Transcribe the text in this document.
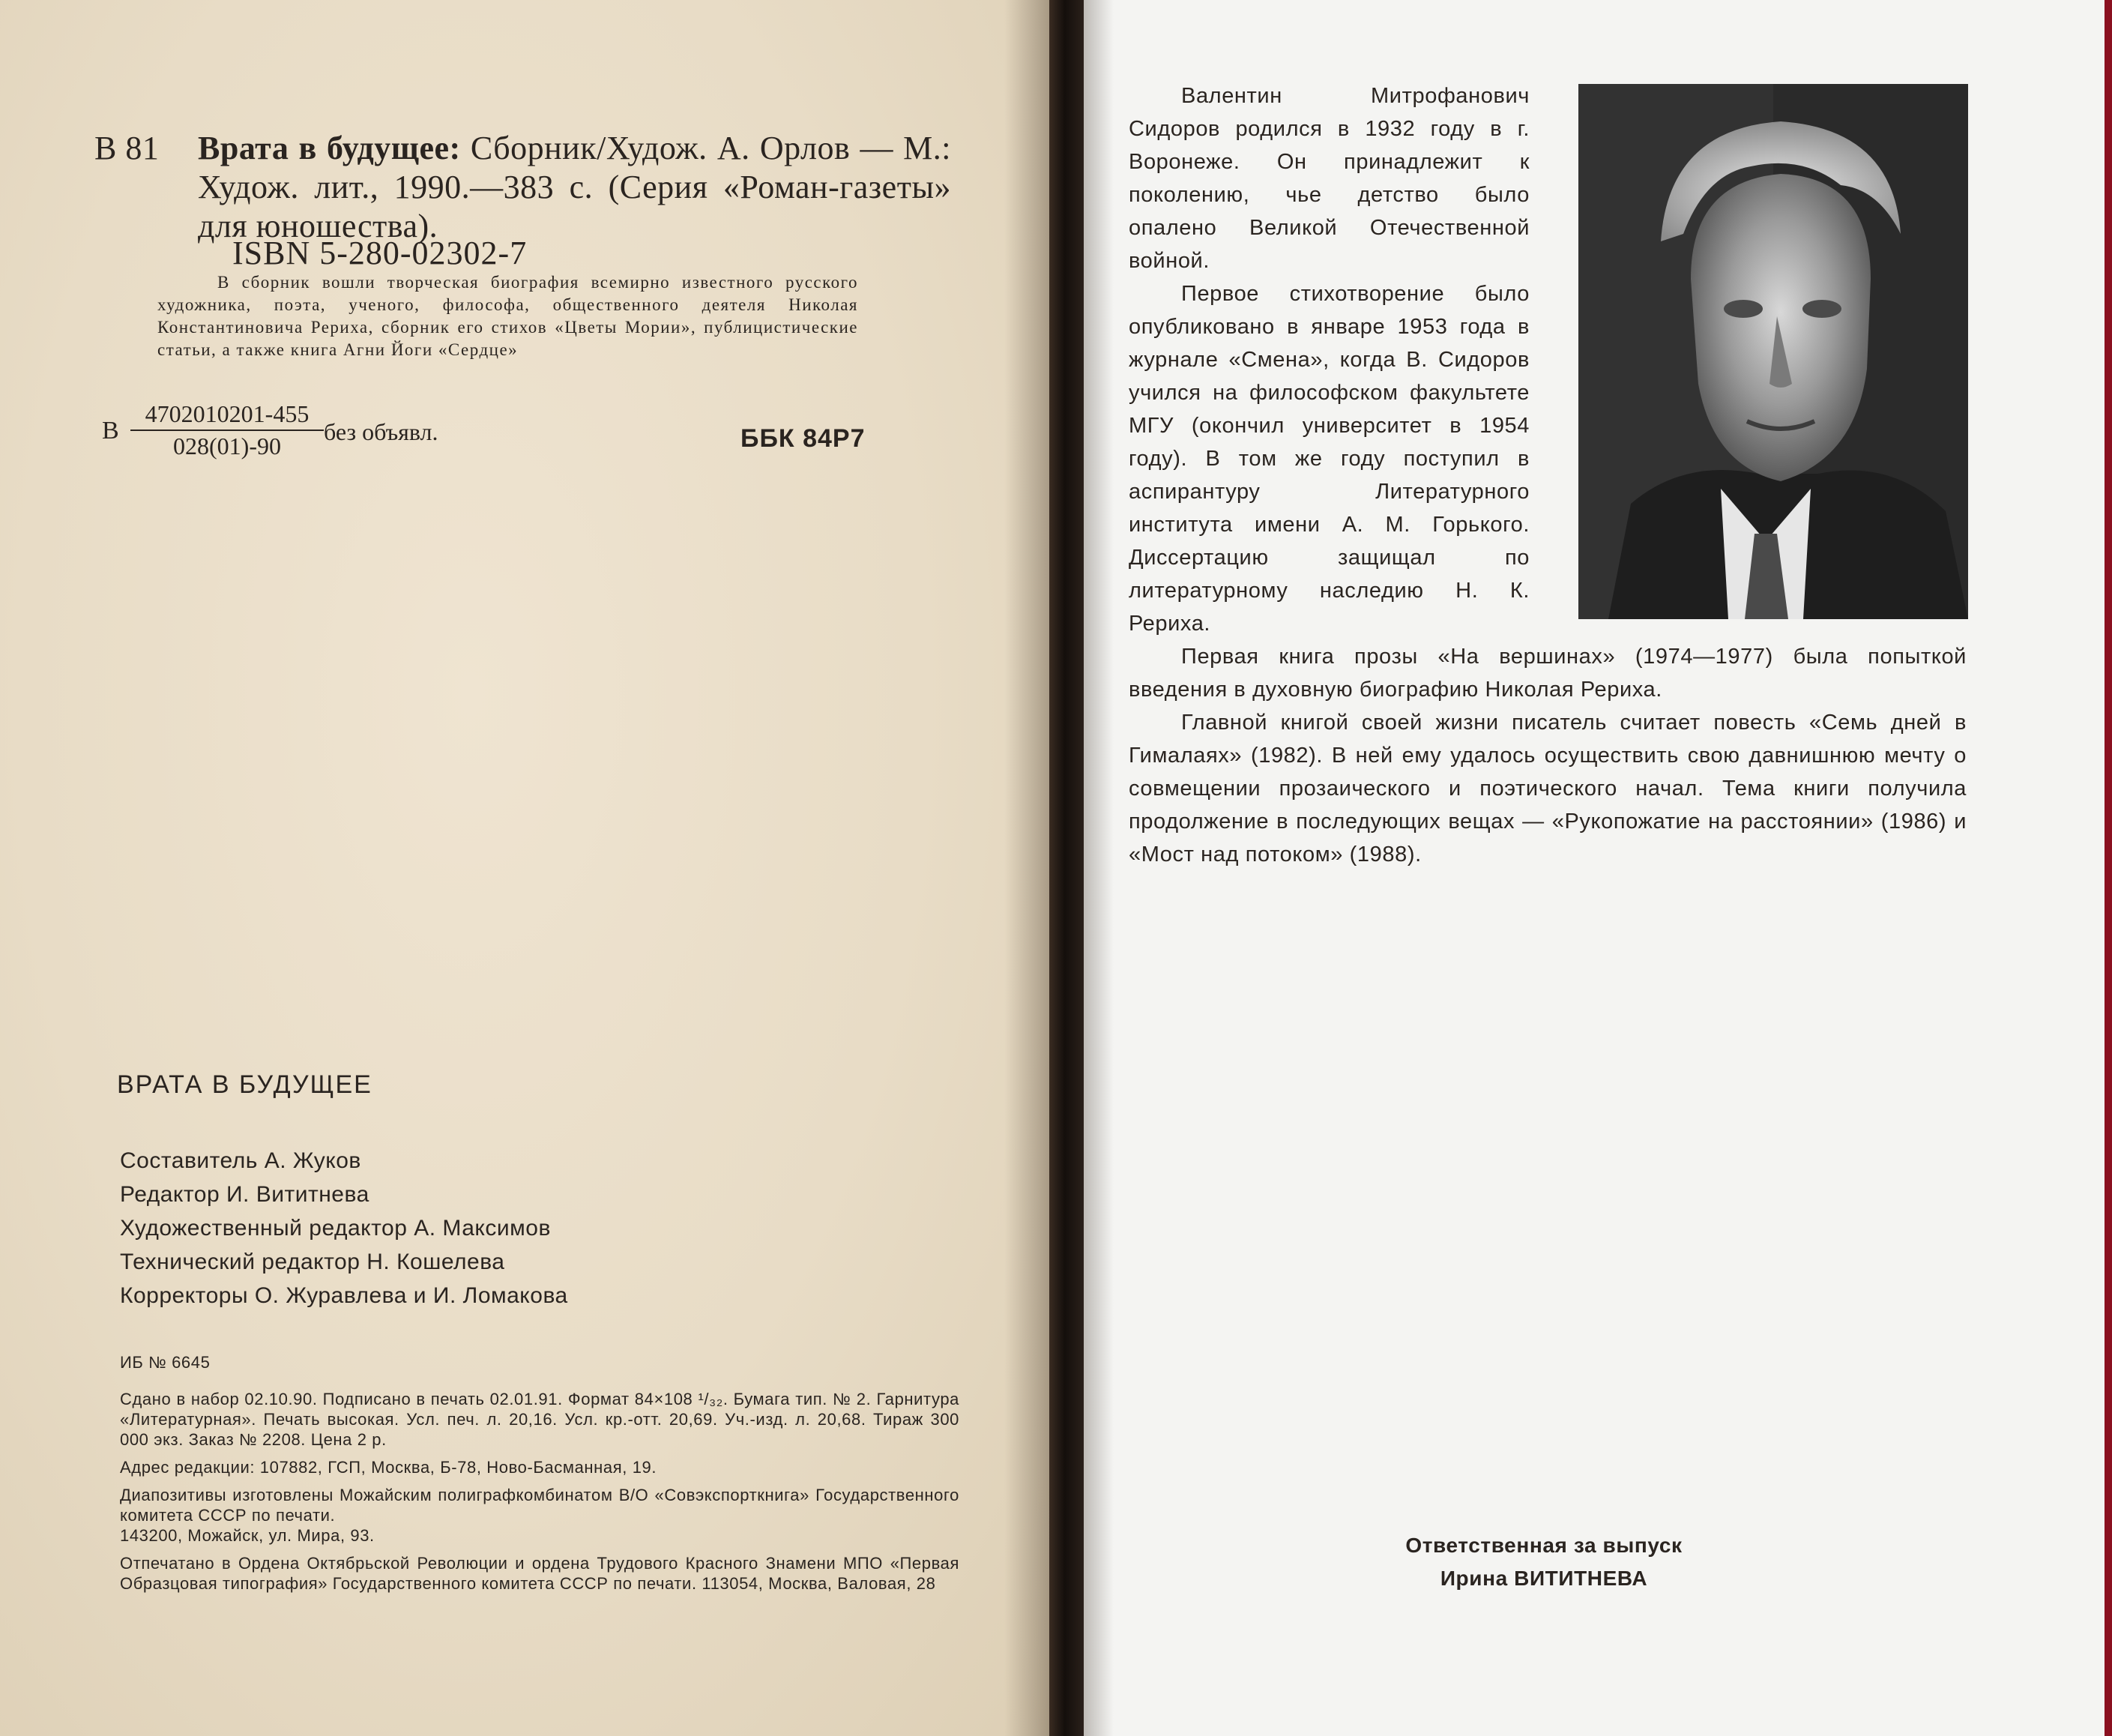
В 81 Врата в будущее: Сборник/Худож. А. Орлов — М.: Худож. лит., 1990.—383 с. (Серия «Роман-газеты» для юношества).
ISBN 5-280-02302-7
В сборник вошли творческая биография всемирно известного русского художника, поэта, ученого, философа, общественного деятеля Николая Константиновича Рериха, сборник его стихов «Цветы Мории», публицистические статьи, а также книга Агни Йоги «Сердце»
В $\frac{4702010201-455}{028(01)-90}$ без объявл.	ББК 84Р7
ВРАТА В БУДУЩЕЕ
Составитель А. Жуков
Редактор И. Вититнева
Художественный редактор А. Максимов
Технический редактор Н. Кошелева
Корректоры О. Журавлева и И. Ломакова

ИБ № 6645

Сдано в набор 02.10.90. Подписано в печать 02.01.91. Формат 84×108 ¹/₃₂. Бумага тип. № 2. Гарнитура «Литературная». Печать высокая. Усл. печ. л. 20,16. Усл. кр.-отт. 20,69. Уч.-изд. л. 20,68. Тираж 300 000 экз. Заказ № 2208. Цена 2 р.

Адрес редакции: 107882, ГСП, Москва, Б-78, Ново-Басманная, 19.

Диапозитивы изготовлены Можайским полиграфкомбинатом В/О «Совэкспорткнига» Государственного комитета СССР по печати.

143200, Можайск, ул. Мира, 93.

Отпечатано в Ордена Октябрьской Революции и ордена Трудового Красного Знамени МПО «Первая Образцовая типография» Государственного комитета СССР по печати. 113054, Москва, Валовая, 28

Валентин Митрофанович Сидоров родился в 1932 году в г. Воронеже. Он принадлежит к поколению, чье детство было опалено Великой Отечественной войной.

Первое стихотворение было опубликовано в январе 1953 года в журнале «Смена», когда В. Сидоров учился на философском факультете МГУ (окончил университет в 1954 году). В том же году поступил в аспирантуру Литературного института имени А. М. Горького. Диссертацию защищал по литературному наследию Н. К. Рериха.

Первая книга прозы «На вершинах» (1974—1977) была попыткой введения в духовную биографию Николая Рериха.

Главной книгой своей жизни писатель считает повесть «Семь дней в Гималаях» (1982). В ней ему удалось осуществить свою давнишнюю мечту о совмещении прозаического и поэтического начал. Тема книги получила продолжение в последующих вещах — «Рукопожатие на расстоянии» (1986) и «Мост над потоком» (1988).

Ответственная за выпуск
Ирина ВИТИТНЕВА
